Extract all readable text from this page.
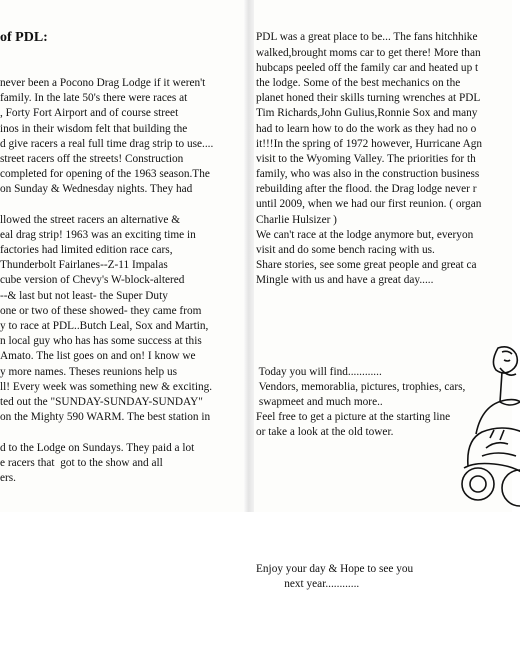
of PDL:

never been a Pocono Drag Lodge if it weren't
family. In the late 50's there were races at
, Forty Fort Airport and of course street
inos in their wisdom felt that building the
d give racers a real full time drag strip to use....
street racers off the streets! Construction
completed for opening of the 1963 season.The
on Sunday & Wednesday nights. They had
llowed the street racers an alternative &
eal drag strip! 1963 was an exciting time in
factories had limited edition race cars,
Thunderbolt Fairlanes--Z-11 Impalas
cube version of Chevy's W-block-altered
--& last but not least- the Super Duty
one or two of these showed- they came from
y to race at PDL..Butch Leal, Sox and Martin,
n local guy who has has some success at this
Amato. The list goes on and on! I know we
y more names. Theses reunions help us
ll! Every week was something new & exciting.
ted out the "SUNDAY-SUNDAY-SUNDAY"
on the Mighty 590 WARM. The best station in
d to the Lodge on Sundays. They paid a lot
e racers that  got to the show and all
ers.

PDL was a great place to be... The fans hitchhike
walked,brought moms car to get there! More than
hubcaps peeled off the family car and heated up t
the lodge. Some of the best mechanics on the
planet honed their skills turning wrenches at PDL
Tim Richards,John Gulius,Ronnie Sox and many
had to learn how to do the work as they had no o
it!!!In the spring of 1972 however, Hurricane Agn
visit to the Wyoming Valley. The priorities for th
family, who was also in the construction business
rebuilding after the flood. the Drag lodge never r
until 2009, when we had our first reunion. ( organ
Charlie Hulsizer )
We can't race at the lodge anymore but, everyon
visit and do some bench racing with us.
Share stories, see some great people and great ca
Mingle with us and have a great day.....

Today you will find............
Vendors, memorablia, pictures, trophies, cars,
swapmeet and much more..
Feel free to get a picture at the starting line
or take a look at the old tower.

Enjoy your day & Hope to see you
next year............
